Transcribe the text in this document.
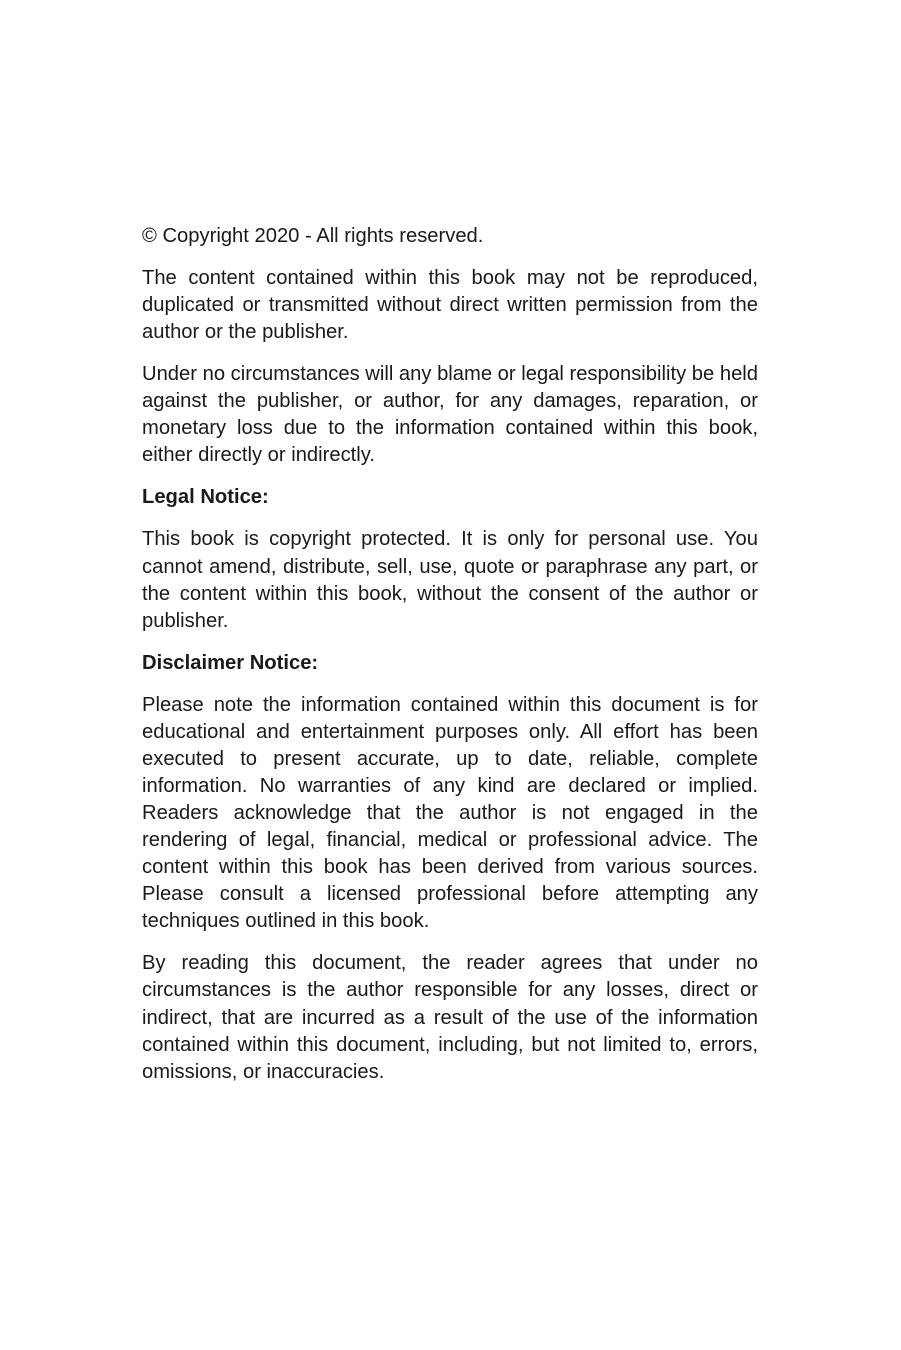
© Copyright 2020 - All rights reserved.

The content contained within this book may not be reproduced, duplicated or transmitted without direct written permission from the author or the publisher.

Under no circumstances will any blame or legal responsibility be held against the publisher, or author, for any damages, reparation, or monetary loss due to the information contained within this book, either directly or indirectly.

Legal Notice:

This book is copyright protected. It is only for personal use. You cannot amend, distribute, sell, use, quote or paraphrase any part, or the content within this book, without the consent of the author or publisher.

Disclaimer Notice:

Please note the information contained within this document is for educational and entertainment purposes only. All effort has been executed to present accurate, up to date, reliable, complete information. No warranties of any kind are declared or implied. Readers acknowledge that the author is not engaged in the rendering of legal, financial, medical or professional advice. The content within this book has been derived from various sources. Please consult a licensed professional before attempting any techniques outlined in this book.

By reading this document, the reader agrees that under no circumstances is the author responsible for any losses, direct or indirect, that are incurred as a result of the use of the information contained within this document, including, but not limited to, errors, omissions, or inaccuracies.
